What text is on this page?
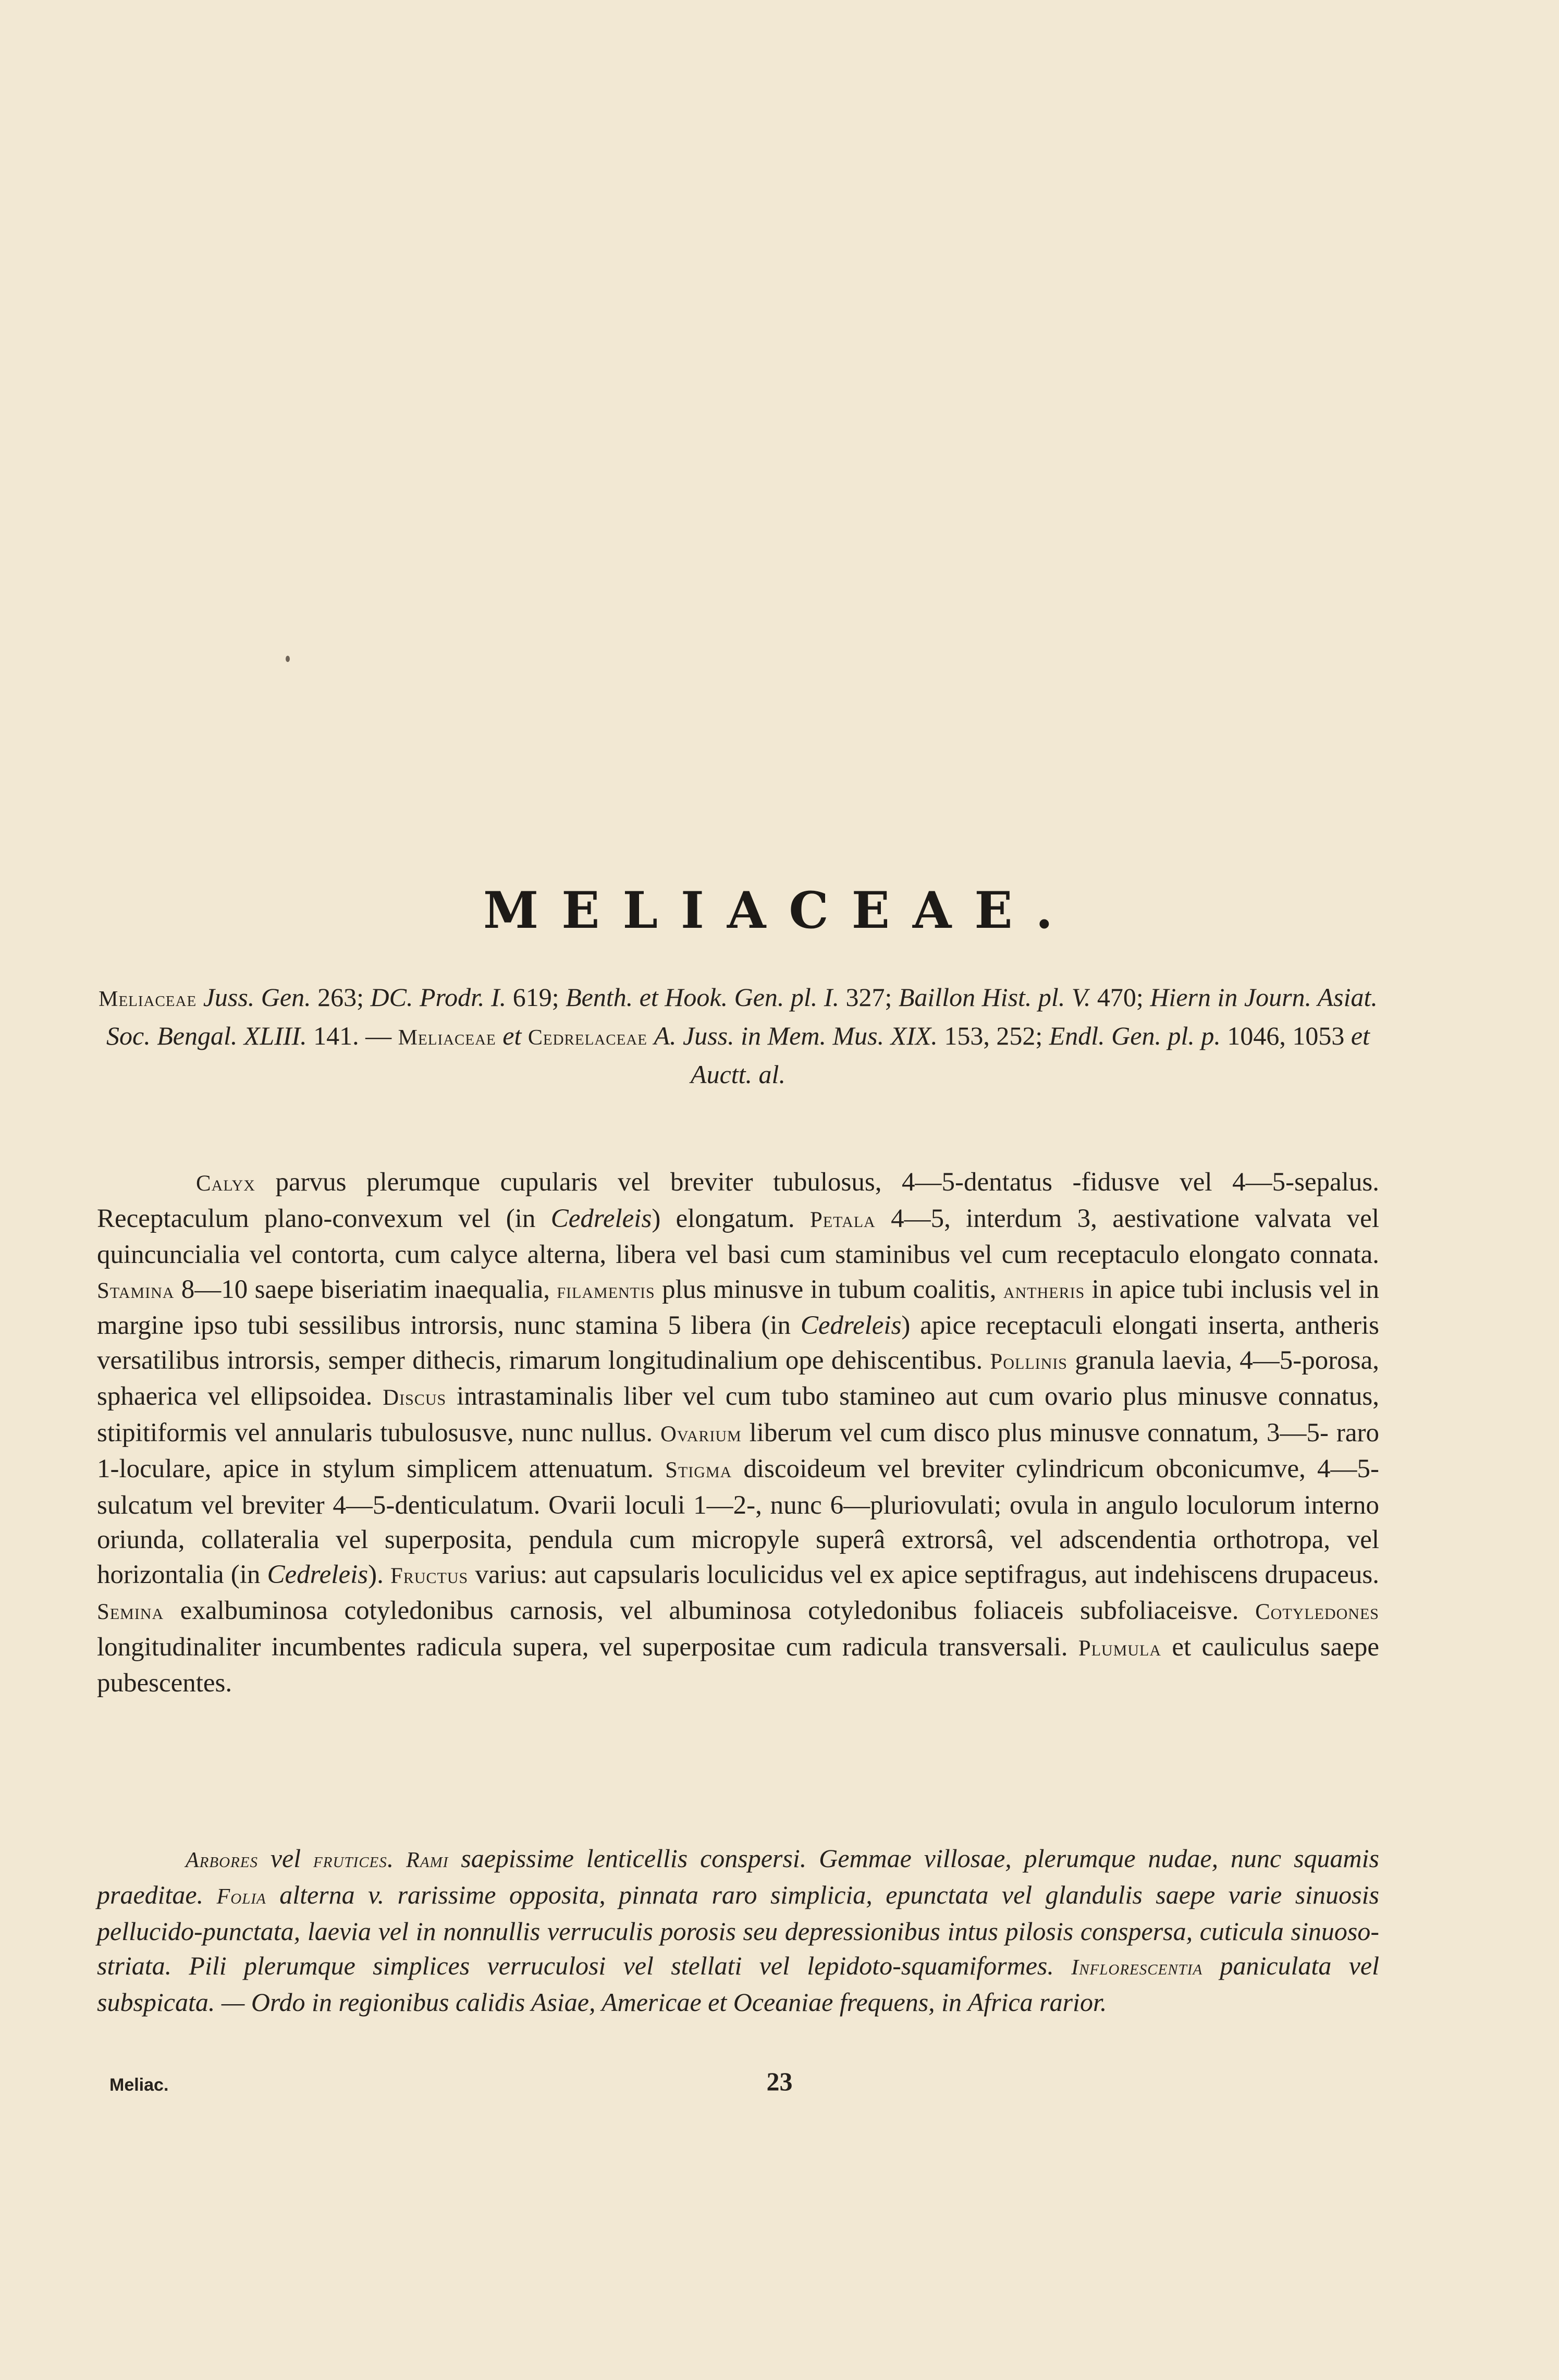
MELIACEAE.
Meliaceae Juss. Gen. 263; DC. Prodr. I. 619; Benth. et Hook. Gen. pl. I. 327; Baillon Hist. pl. V. 470; Hiern in Journ. Asiat. Soc. Bengal. XLIII. 141. — Meliaceae et Cedrelaceae A. Juss. in Mem. Mus. XIX. 153, 252; Endl. Gen. pl. p. 1046, 1053 et Auctt. al.
Calyx parvus plerumque cupularis vel breviter tubulosus, 4—5-dentatus -fidusve vel 4—5-sepalus. Receptaculum plano-convexum vel (in Cedreleis) elongatum. Petala 4—5, interdum 3, aestivatione valvata vel quincuncialia vel contorta, cum calyce alterna, libera vel basi cum staminibus vel cum receptaculo elongato connata. Stamina 8—10 saepe biseriatim inaequalia, filamentis plus minusve in tubum coalitis, antheris in apice tubi inclusis vel in margine ipso tubi sessilibus introrsis, nunc stamina 5 libera (in Cedreleis) apice receptaculi elongati inserta, antheris versatilibus introrsis, semper dithecis, rimarum longitudinalium ope dehiscentibus. Pollinis granula laevia, 4—5-porosa, sphaerica vel ellipsoidea. Discus intrastaminalis liber vel cum tubo stamineo aut cum ovario plus minusve connatus, stipitiformis vel annularis tubulosusve, nunc nullus. Ovarium liberum vel cum disco plus minusve connatum, 3—5- raro 1-loculare, apice in stylum simplicem attenuatum. Stigma discoideum vel breviter cylindricum obconicumve, 4—5-sulcatum vel breviter 4—5-denticulatum. Ovarii loculi 1—2-, nunc 6—pluriovulati; ovula in angulo loculorum interno oriunda, collateralia vel superposita, pendula cum micropyle superâ extrorsâ, vel adscendentia orthotropa, vel horizontalia (in Cedreleis). Fructus varius: aut capsularis loculicidus vel ex apice septifragus, aut indehiscens drupaceus. Semina exalbuminosa cotyledonibus carnosis, vel albuminosa cotyledonibus foliaceis subfoliaceisve. Cotyledones longitudinaliter incumbentes radicula supera, vel superpositae cum radicula transversali. Plumula et cauliculus saepe pubescentes.
Arbores vel frutices. Rami saepissime lenticellis conspersi. Gemmae villosae, plerumque nudae, nunc squamis praeditae. Folia alterna v. rarissime opposita, pinnata raro simplicia, epunctata vel glandulis saepe varie sinuosis pellucido-punctata, laevia vel in nonnullis verruculis porosis seu depressionibus intus pilosis conspersa, cuticula sinuoso-striata. Pili plerumque simplices verruculosi vel stellati vel lepidoto-squamiformes. Inflorescentia paniculata vel subspicata. — Ordo in regionibus calidis Asiae, Americae et Oceaniae frequens, in Africa rarior.
Meliac.	23
